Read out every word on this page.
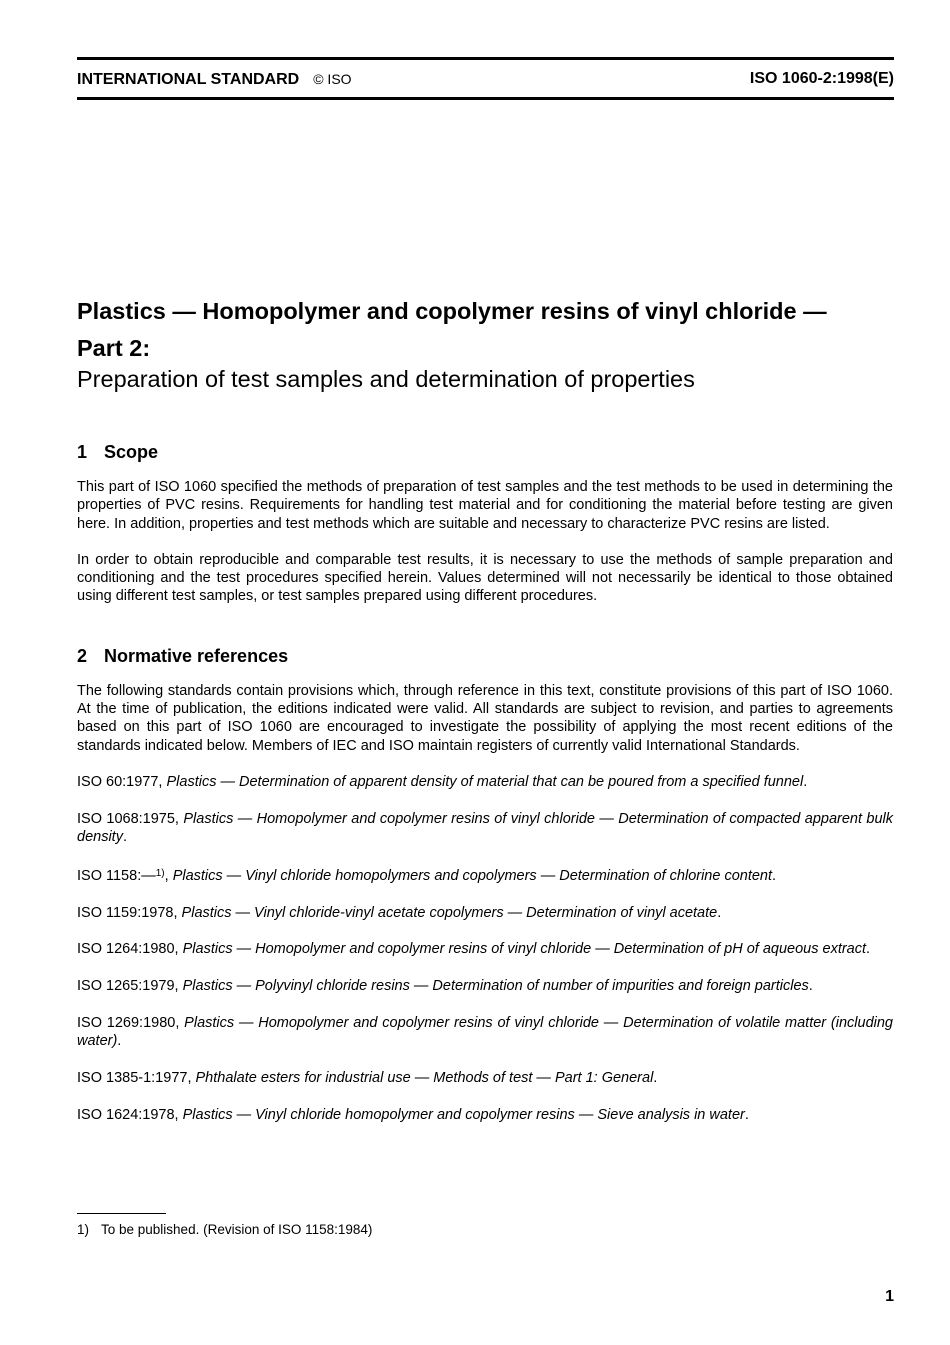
INTERNATIONAL STANDARD © ISO	ISO 1060-2:1998(E)
Plastics — Homopolymer and copolymer resins of vinyl chloride —
Part 2:
Preparation of test samples and determination of properties
1 Scope

This part of ISO 1060 specified the methods of preparation of test samples and the test methods to be used in determining the properties of PVC resins. Requirements for handling test material and for conditioning the material before testing are given here. In addition, properties and test methods which are suitable and necessary to characterize PVC resins are listed.

In order to obtain reproducible and comparable test results, it is necessary to use the methods of sample preparation and conditioning and the test procedures specified herein. Values determined will not necessarily be identical to those obtained using different test samples, or test samples prepared using different procedures.

2 Normative references

The following standards contain provisions which, through reference in this text, constitute provisions of this part of ISO 1060. At the time of publication, the editions indicated were valid. All standards are subject to revision, and parties to agreements based on this part of ISO 1060 are encouraged to investigate the possibility of applying the most recent editions of the standards indicated below. Members of IEC and ISO maintain registers of currently valid International Standards.

ISO 60:1977, Plastics — Determination of apparent density of material that can be poured from a specified funnel.
ISO 1068:1975, Plastics — Homopolymer and copolymer resins of vinyl chloride — Determination of compacted apparent bulk density.
ISO 1158:—$^{1)}$, Plastics — Vinyl chloride homopolymers and copolymers — Determination of chlorine content.
ISO 1159:1978, Plastics — Vinyl chloride-vinyl acetate copolymers — Determination of vinyl acetate.
ISO 1264:1980, Plastics — Homopolymer and copolymer resins of vinyl chloride — Determination of pH of aqueous extract.
ISO 1265:1979, Plastics — Polyvinyl chloride resins — Determination of number of impurities and foreign particles.
ISO 1269:1980, Plastics — Homopolymer and copolymer resins of vinyl chloride — Determination of volatile matter (including water).
ISO 1385-1:1977, Phthalate esters for industrial use — Methods of test — Part 1: General.
ISO 1624:1978, Plastics — Vinyl chloride homopolymer and copolymer resins — Sieve analysis in water.
1) To be published. (Revision of ISO 1158:1984)
1
